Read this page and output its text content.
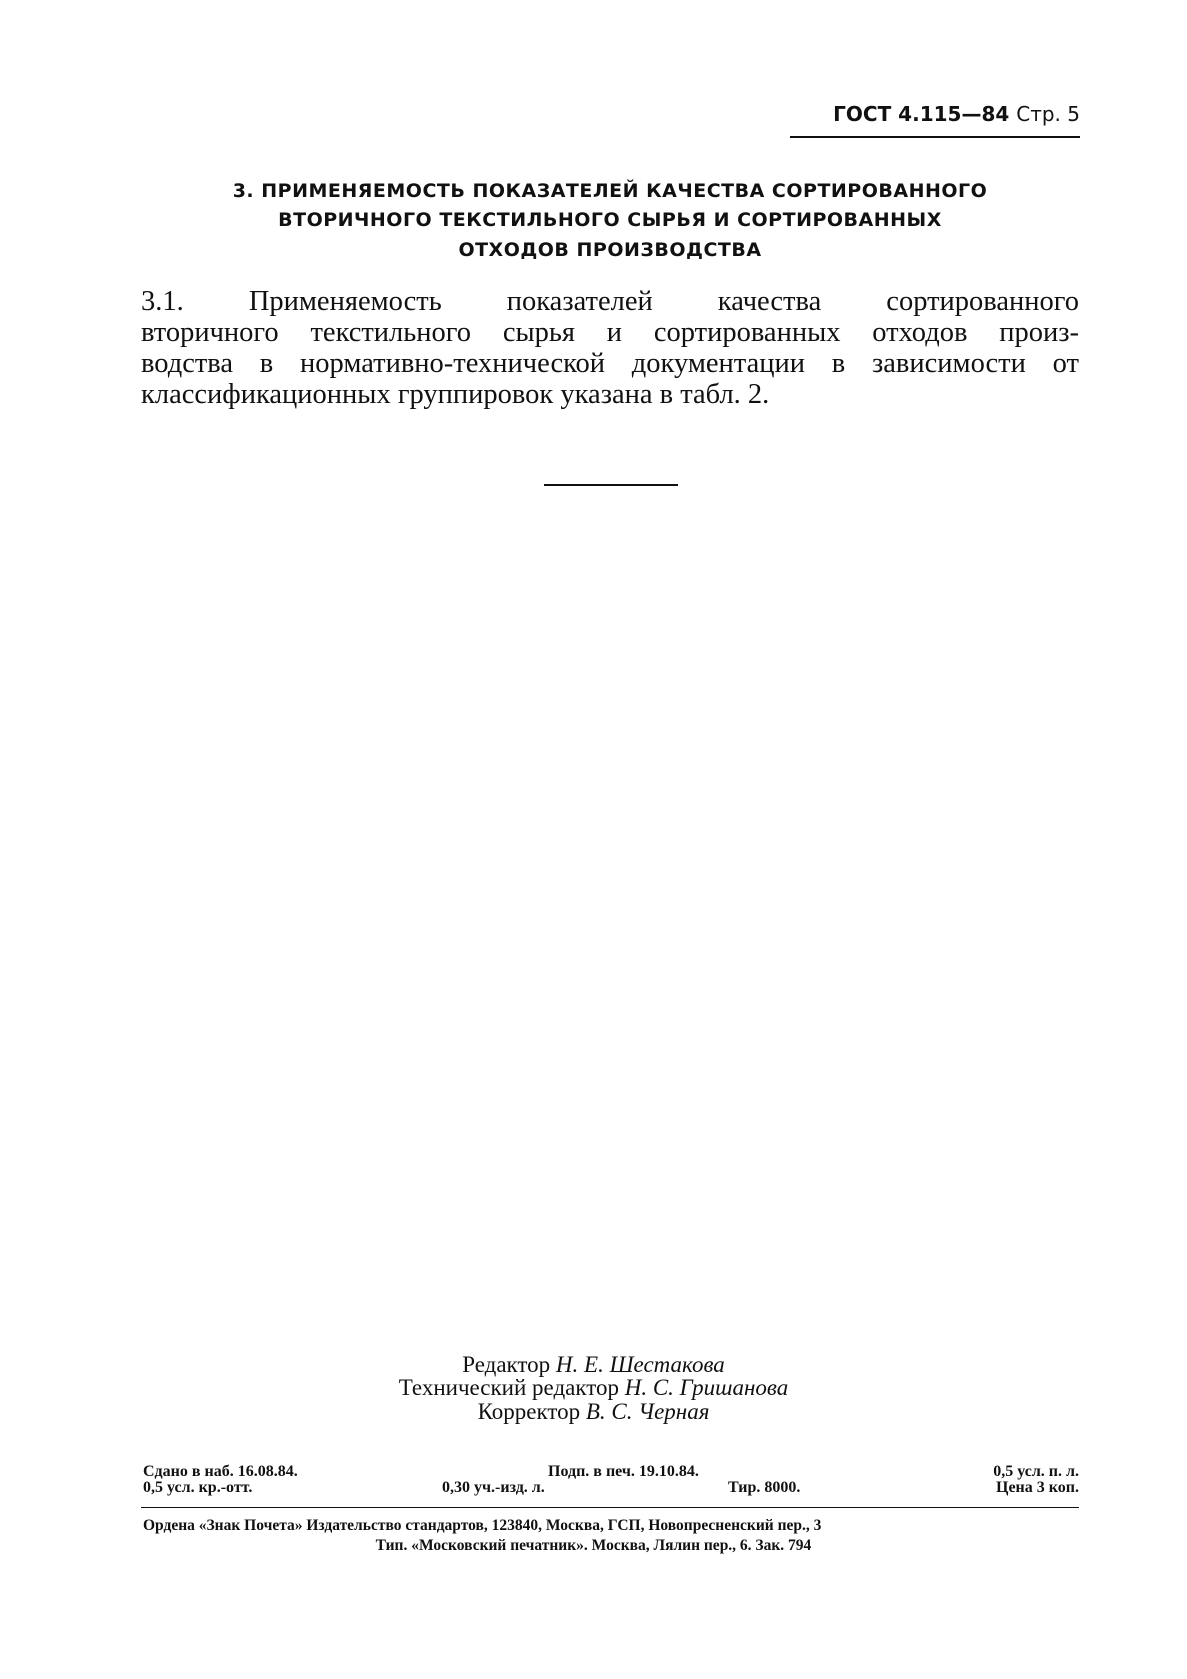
ГОСТ 4.115—84 Стр. 5
3. ПРИМЕНЯЕМОСТЬ ПОКАЗАТЕЛЕЙ КАЧЕСТВА СОРТИРОВАННОГО
ВТОРИЧНОГО ТЕКСТИЛЬНОГО СЫРЬЯ И СОРТИРОВАННЫХ
ОТХОДОВ ПРОИЗВОДСТВА
3.1. Применяемость показателей качества сортированного
вторичного текстильного сырья и сортированных отходов произ-
водства в нормативно-технической документации в зависимости от
классификационных группировок указана в табл. 2.
Редактор Н. Е. Шестакова
Технический редактор Н. С. Гришанова
Корректор В. С. Черная
Сдано в наб. 16.08.84.	Подп. в печ. 19.10.84.	0,5 усл. п. л.
0,5 усл. кр.-отт.	0,30 уч.-изд. л.	Тир. 8000.	Цена 3 коп.
Ордена «Знак Почета» Издательство стандартов, 123840, Москва, ГСП, Новопресненский пер., 3
Тип. «Московский печатник». Москва, Лялин пер., 6. Зак. 794
